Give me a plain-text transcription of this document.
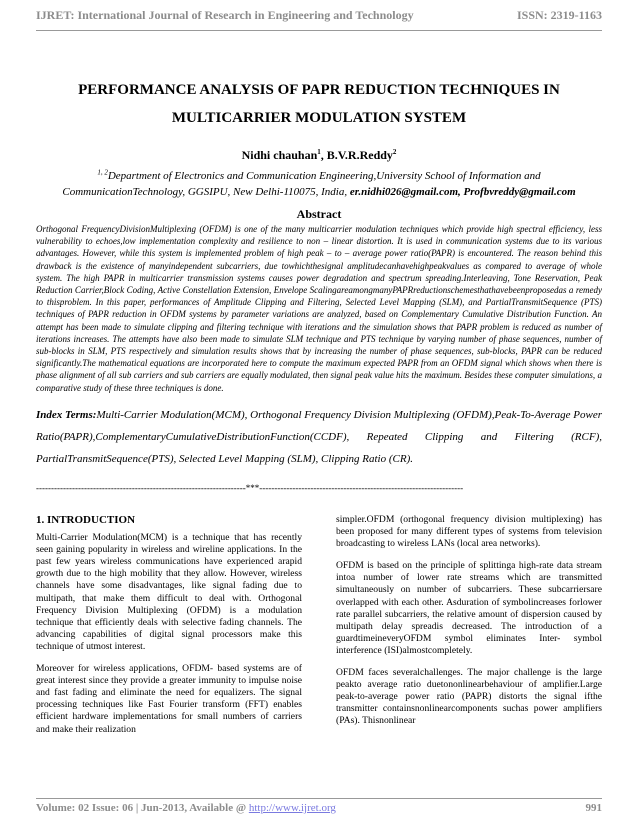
IJRET: International Journal of Research in Engineering and Technology	ISSN: 2319-1163
PERFORMANCE ANALYSIS OF PAPR REDUCTION TECHNIQUES IN
MULTICARRIER MODULATION SYSTEM
Nidhi chauhan$^1$, B.V.R.Reddy$^2$
$^{1, 2}$Department of Electronics and Communication Engineering,University School of Information and
CommunicationTechnology, GGSIPU, New Delhi-110075, India, er.nidhi026@gmail.com, Profbvreddy@gmail.com
Abstract
Orthogonal FrequencyDivisionMultiplexing (OFDM) is one of the many multicarrier modulation techniques which provide high spectral efficiency, less vulnerability to echoes,low implementation complexity and resilience to non – linear distortion. It is used in communication systems due to its various advantages. However, while this system is implemented problem of high peak – to – average power ratio(PAPR) is encountered. The reason behind this drawback is the existence of manyindependent subcarriers, due towhichthesignal amplitudecanhavehighpeakvalues as compared to average of whole system. The high PAPR in multicarrier transmission systems causes power degradation and spectrum spreading.Interleaving, Tone Reservation, Peak Reduction Carrier,Block Coding, Active Constellation Extension, Envelope ScalingareamongmanyPAPRreductionschemesthathavebeenproposedas a remedy to thisproblem. In this paper, performances of Amplitude Clipping and Filtering, Selected Level Mapping (SLM), and PartialTransmitSequence (PTS) techniques of PAPR reduction in OFDM systems by parameter variations are analyzed, based on Complementary Cumulative Distribution Function. An attempt has been made to simulate clipping and filtering technique with iterations and the simulation shows that PAPR problem is reduced as number of iterations increases. The attempts have also been made to simulate SLM technique and PTS technique by varying number of phase sequences, number of sub-blocks in SLM, PTS respectively and simulation results shows that by increasing the number of phase sequences, sub-blocks, PAPR can be reduced significantly.The mathematical equations are incorporated here to compute the maximum expected PAPR from an OFDM signal which shows when there is phase alignment of all sub carriers and sub carriers are equally modulated, then signal peak value hits the maximum. Besides these computer simulations, a comparative study of these three techniques is done.
Index Terms:Multi-Carrier Modulation(MCM), Orthogonal Frequency Division Multiplexing (OFDM),Peak-To-Average Power Ratio(PAPR),ComplementaryCumulativeDistributionFunction(CCDF), Repeated Clipping and Filtering (RCF), PartialTransmitSequence(PTS), Selected Level Mapping (SLM), Clipping Ratio (CR).
----------------------------------------------------------------------***--------------------------------------------------------------------
1. INTRODUCTION

Multi-Carrier Modulation(MCM) is a technique that has recently seen gaining popularity in wireless and wireline applications. In the past few years wireless communications have experienced arapid growth due to the high mobility that they allow. However, wireless channels have some disadvantages, like signal fading due to multipath, that make them difficult to deal with. Orthogonal Frequency Division Multiplexing (OFDM) is a modulation technique that efficiently deals with selective fading channels. The advancing capabilities of digital signal processors make this technique of utmost interest.

Moreover for wireless applications, OFDM- based systems are of great interest since they provide a greater immunity to impulse noise and fast fading and eliminate the need for equalizers. The signal processing techniques like Fast Fourier transform (FFT) enables efficient hardware implementations for small numbers of carriers and make their realization

simpler.OFDM (orthogonal frequency division multiplexing) has been proposed for many different types of systems from television broadcasting to wireless LANs (local area networks).

OFDM is based on the principle of splittinga high-rate data stream intoa number of lower rate streams which are transmitted simultaneously on number of subcarriers. These subcarriersare overlapped with each other. Asduration of symbolincreases forlower rate parallel subcarriers, the relative amount of dispersion caused by multipath delay spreadis decreased. The introduction of a guardtimeineveryOFDM symbol eliminates Inter- symbol interference (ISI)almostcompletely.

OFDM faces severalchallenges. The major challenge is the large peakto average ratio duetononlinearbehaviour of amplifier.Large peak-to-average power ratio (PAPR) distorts the signal ifthe transmitter containsnonlinearcomponents suchas power amplifiers (PAs). Thisnonlinear

Volume: 02 Issue: 06 | Jun-2013, Available @ http://www.ijret.org	991
